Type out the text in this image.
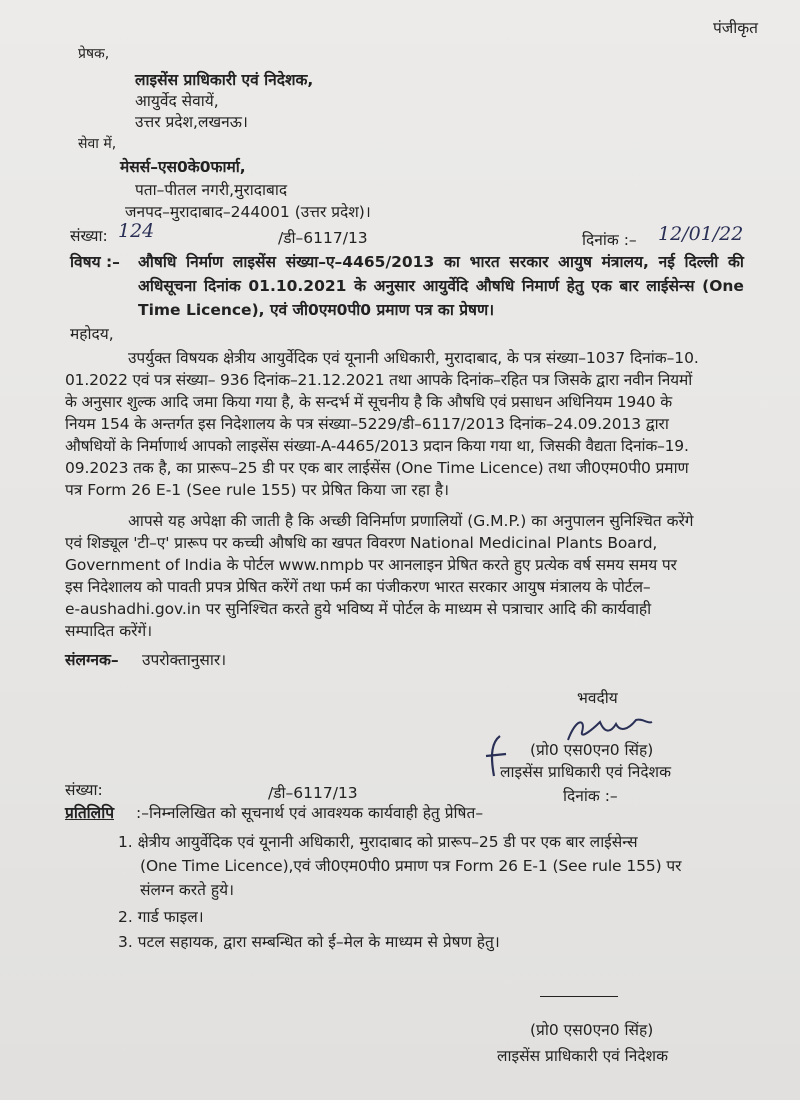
पंजीकृत
प्रेषक,
लाइसेंस प्राधिकारी एवं निदेशक,
आयुर्वेद सेवायें,
उत्तर प्रदेश,लखनऊ।
सेवा में,
मेसर्स–एस0के0फार्मा,
पता–पीतल नगरी,मुरादाबाद
जनपद–मुरादाबाद–244001 (उत्तर प्रदेश)।
संख्या: 124	/डी–6117/13	दिनांक :– 12/01/22
विषय :– औषधि निर्माण लाइसेंस संख्या–ए–4465/2013 का भारत सरकार आयुष मंत्रालय, नई दिल्ली की
अधिसूचना दिनांक 01.10.2021 के अनुसार आयुर्वेदि औषधि निमार्ण हेतु एक बार लाईसेन्स (One
Time Licence), एवं जी0एम0पी0 प्रमाण पत्र का प्रेषण।
महोदय,
उपर्युक्त विषयक क्षेत्रीय आयुर्वेदिक एवं यूनानी अधिकारी, मुरादाबाद, के पत्र संख्या–1037 दिनांक–10.
01.2022 एवं पत्र संख्या– 936 दिनांक–21.12.2021 तथा आपके दिनांक–रहित पत्र जिसके द्वारा नवीन नियमों
के अनुसार शुल्क आदि जमा किया गया है, के सन्दर्भ में सूचनीय है कि औषधि एवं प्रसाधन अधिनियम 1940 के
नियम 154 के अन्तर्गत इस निदेशालय के पत्र संख्या–5229/डी–6117/2013 दिनांक–24.09.2013 द्वारा
औषधियों के निर्माणार्थ आपको लाइसेंस संख्या-A-4465/2013 प्रदान किया गया था, जिसकी वैद्यता दिनांक–19.
09.2023 तक है, का प्रारूप–25 डी पर एक बार लाईसेंस (One Time Licence) तथा जी0एम0पी0 प्रमाण
पत्र Form 26 E-1 (See rule 155) पर प्रेषित किया जा रहा है।
आपसे यह अपेक्षा की जाती है कि अच्छी विनिर्माण प्रणालियों (G.M.P.) का अनुपालन सुनिश्चित करेंगे
एवं शिड्यूल 'टी–ए' प्रारूप पर कच्ची औषधि का खपत विवरण National Medicinal Plants Board,
Government of India के पोर्टल www.nmpb पर आनलाइन प्रेषित करते हुए प्रत्येक वर्ष समय समय पर
इस निदेशालय को पावती प्रपत्र प्रेषित करेंगें तथा फर्म का पंजीकरण भारत सरकार आयुष मंत्रालय के पोर्टल–
e-aushadhi.gov.in पर सुनिश्चित करते हुये भविष्य में पोर्टल के माध्यम से पत्राचार आदि की कार्यवाही
सम्पादित करेंगें।
संलग्नक– उपरोक्तानुसार।
भवदीय
(प्रो0 एस0एन0 सिंह)
लाइसेंस प्राधिकारी एवं निदेशक
संख्या:	/डी–6117/13	दिनांक :–
प्रतिलिपि :–निम्नलिखित को सूचनार्थ एवं आवश्यक कार्यवाही हेतु प्रेषित–
1. क्षेत्रीय आयुर्वेदिक एवं यूनानी अधिकारी, मुरादाबाद को प्रारूप–25 डी पर एक बार लाईसेन्स
(One Time Licence),एवं जी0एम0पी0 प्रमाण पत्र Form 26 E-1 (See rule 155) पर
संलग्न करते हुये।
2. गार्ड फाइल।
3. पटल सहायक, द्वारा सम्बन्धित को ई–मेल के माध्यम से प्रेषण हेतु।
(प्रो0 एस0एन0 सिंह)
लाइसेंस प्राधिकारी एवं निदेशक
